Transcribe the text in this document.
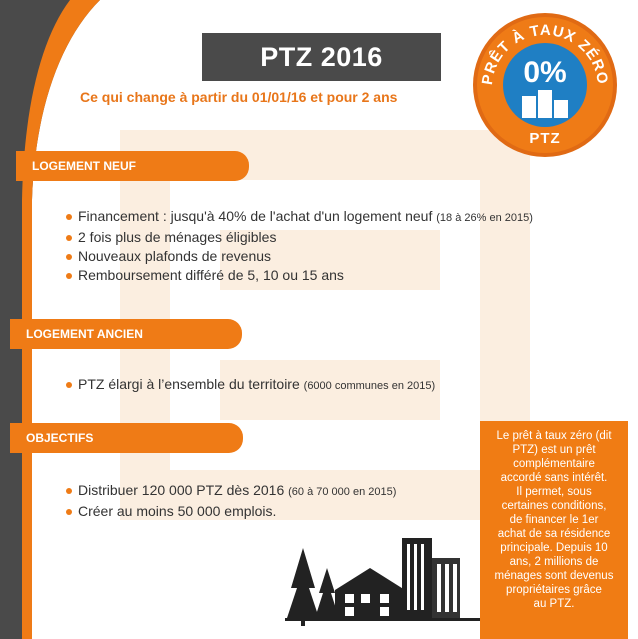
PTZ 2016
Ce qui change à partir du 01/01/16 et pour 2 ans
PRÊT À TAUX ZÉRO
0%
PTZ
LOGEMENT NEUF
Financement : jusqu'à 40% de l'achat d'un logement neuf (18 à 26% en 2015)
2 fois plus de ménages éligibles
Nouveaux plafonds de revenus
Remboursement différé de 5, 10 ou 15 ans
LOGEMENT ANCIEN
PTZ élargi à l’ensemble du territoire (6000 communes en 2015)
OBJECTIFS
Distribuer 120 000 PTZ dès 2016 (60 à 70 000 en 2015)
Créer au moins 50 000 emplois.
Le prêt à taux zéro (dit
PTZ) est un prêt
complémentaire
accordé sans intérêt.
Il permet, sous
certaines conditions,
de financer le 1er
achat de sa résidence
principale. Depuis 10
ans, 2 millions de
ménages sont devenus
propriétaires grâce
au PTZ.
